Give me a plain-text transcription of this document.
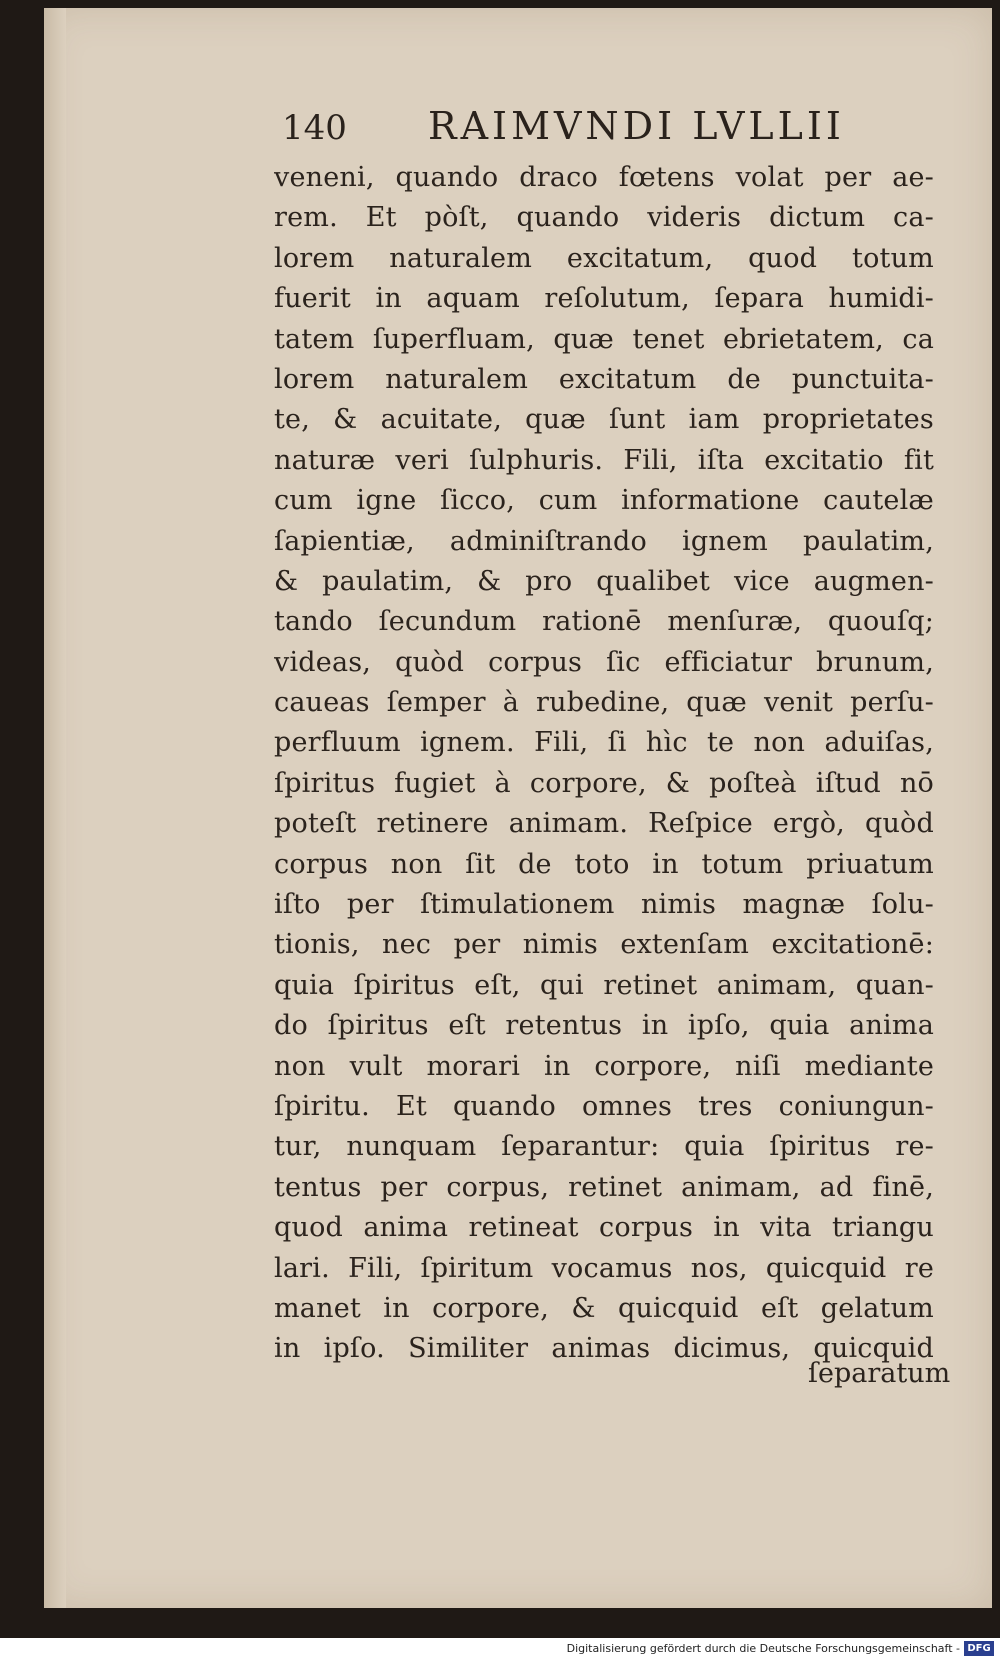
140 RAIMVNDI LVLLII
veneni, quando draco fœtens volat per ae-
rem. Et pòſt, quando videris dictum ca-
lorem naturalem excitatum, quod totum
fuerit in aquam reſolutum, ſepara humidi-
tatem ſuperfluam, quæ tenet ebrietatem, ca
lorem naturalem excitatum de punctuita-
te, & acuitate, quæ ſunt iam proprietates
naturæ veri ſulphuris. Fili, iſta excitatio fit
cum igne ſicco, cum informatione cautelæ
ſapientiæ, adminiſtrando ignem paulatim,
& paulatim, & pro qualibet vice augmen-
tando ſecundum rationē menſuræ, quouſq;
videas, quòd corpus ſic efficiatur brunum,
caueas ſemper à rubedine, quæ venit perſu-
perfluum ignem. Fili, ſi hìc te non aduiſas,
ſpiritus fugiet à corpore, & poſteà iſtud nō
poteſt retinere animam. Reſpice ergò, quòd
corpus non ſit de toto in totum priuatum
iſto per ſtimulationem nimis magnæ ſolu-
tionis, nec per nimis extenſam excitationē:
quia ſpiritus eſt, qui retinet animam, quan-
do ſpiritus eſt retentus in ipſo, quia anima
non vult morari in corpore, niſi mediante
ſpiritu. Et quando omnes tres coniungun-
tur, nunquam ſeparantur: quia ſpiritus re-
tentus per corpus, retinet animam, ad finē,
quod anima retineat corpus in vita triangu
lari. Fili, ſpiritum vocamus nos, quicquid re
manet in corpore, & quicquid eſt gelatum
in ipſo. Similiter animas dicimus, quicquid
ſeparatum
Digitalisierung gefördert durch die Deutsche Forschungsgemeinschaft - DFG
